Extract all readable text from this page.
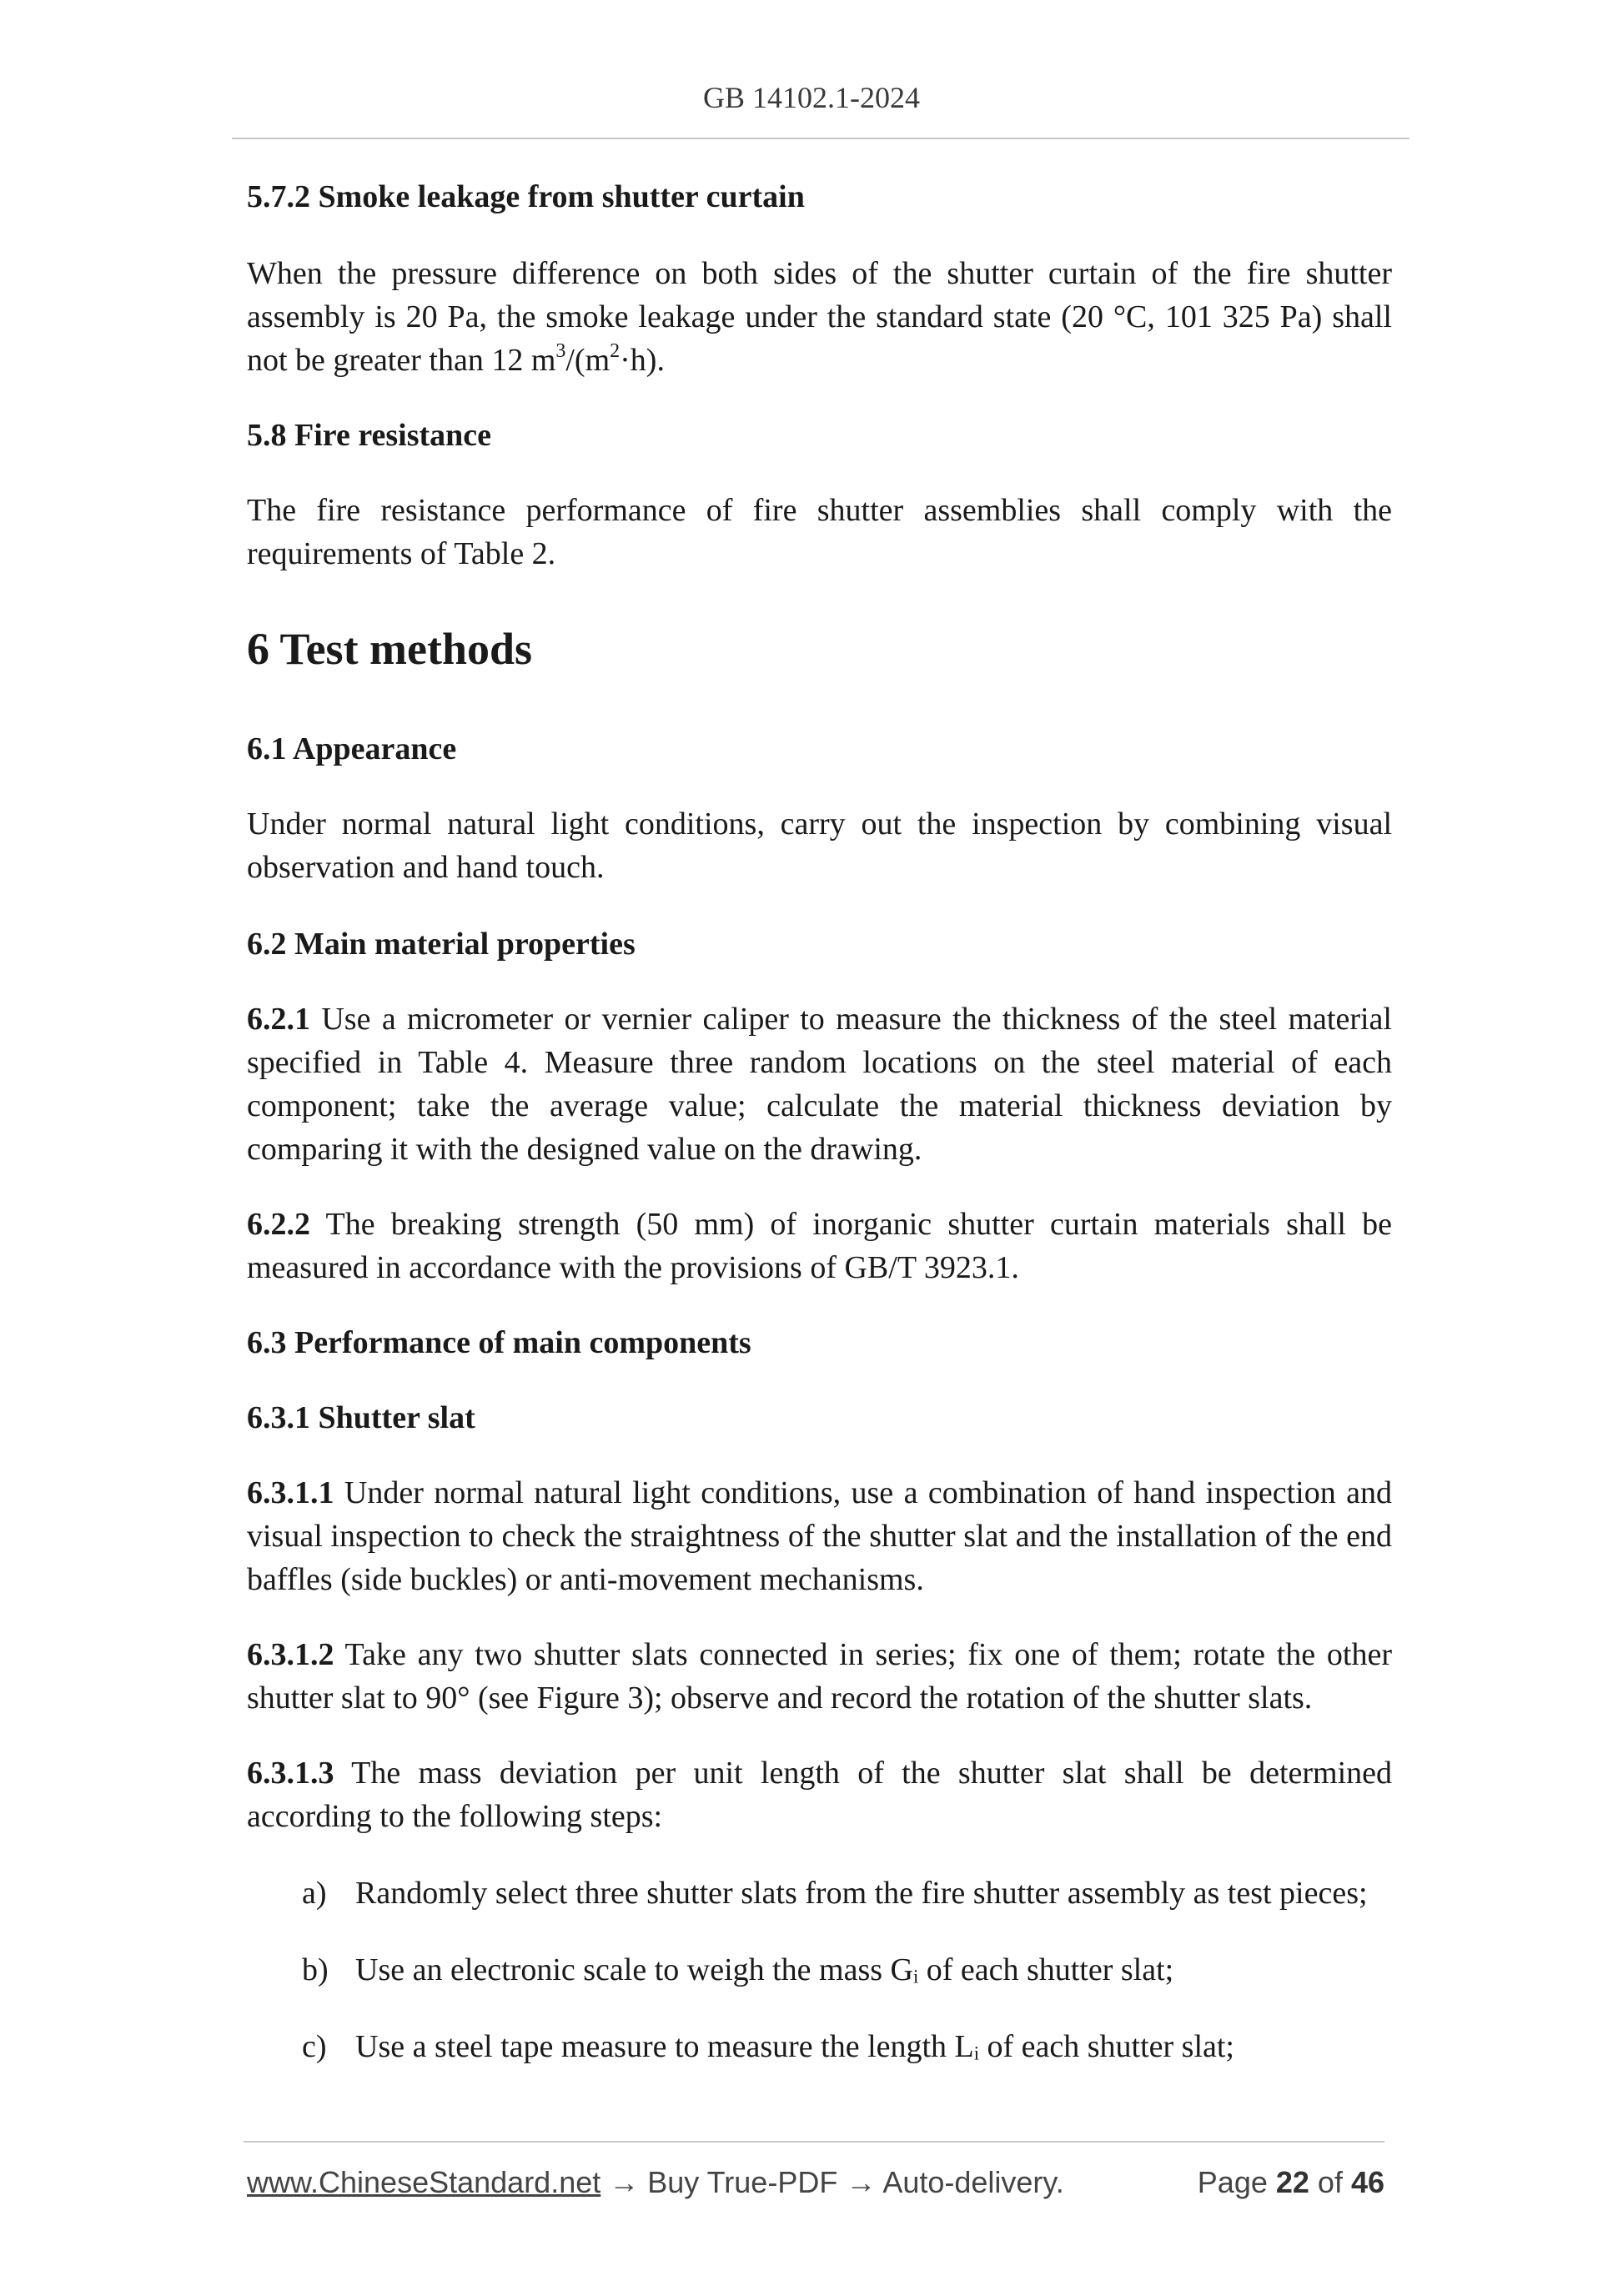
GB 14102.1-2024
5.7.2 Smoke leakage from shutter curtain
When the pressure difference on both sides of the shutter curtain of the fire shutter assembly is 20 Pa, the smoke leakage under the standard state (20 °C, 101 325 Pa) shall not be greater than 12 $m^3/(m^2\cdot h)$.
5.8 Fire resistance
The fire resistance performance of fire shutter assemblies shall comply with the requirements of Table 2.
6 Test methods
6.1 Appearance
Under normal natural light conditions, carry out the inspection by combining visual observation and hand touch.
6.2 Main material properties
6.2.1 Use a micrometer or vernier caliper to measure the thickness of the steel material specified in Table 4. Measure three random locations on the steel material of each component; take the average value; calculate the material thickness deviation by comparing it with the designed value on the drawing.
6.2.2 The breaking strength (50 mm) of inorganic shutter curtain materials shall be measured in accordance with the provisions of GB/T 3923.1.
6.3 Performance of main components
6.3.1 Shutter slat
6.3.1.1 Under normal natural light conditions, use a combination of hand inspection and visual inspection to check the straightness of the shutter slat and the installation of the end baffles (side buckles) or anti-movement mechanisms.
6.3.1.2 Take any two shutter slats connected in series; fix one of them; rotate the other shutter slat to 90° (see Figure 3); observe and record the rotation of the shutter slats.
6.3.1.3 The mass deviation per unit length of the shutter slat shall be determined according to the following steps:
a) Randomly select three shutter slats from the fire shutter assembly as test pieces;
b) Use an electronic scale to weigh the mass Gᵢ of each shutter slat;
c) Use a steel tape measure to measure the length Lᵢ of each shutter slat;
www.ChineseStandard.net → Buy True-PDF → Auto-delivery.	Page 22 of 46
